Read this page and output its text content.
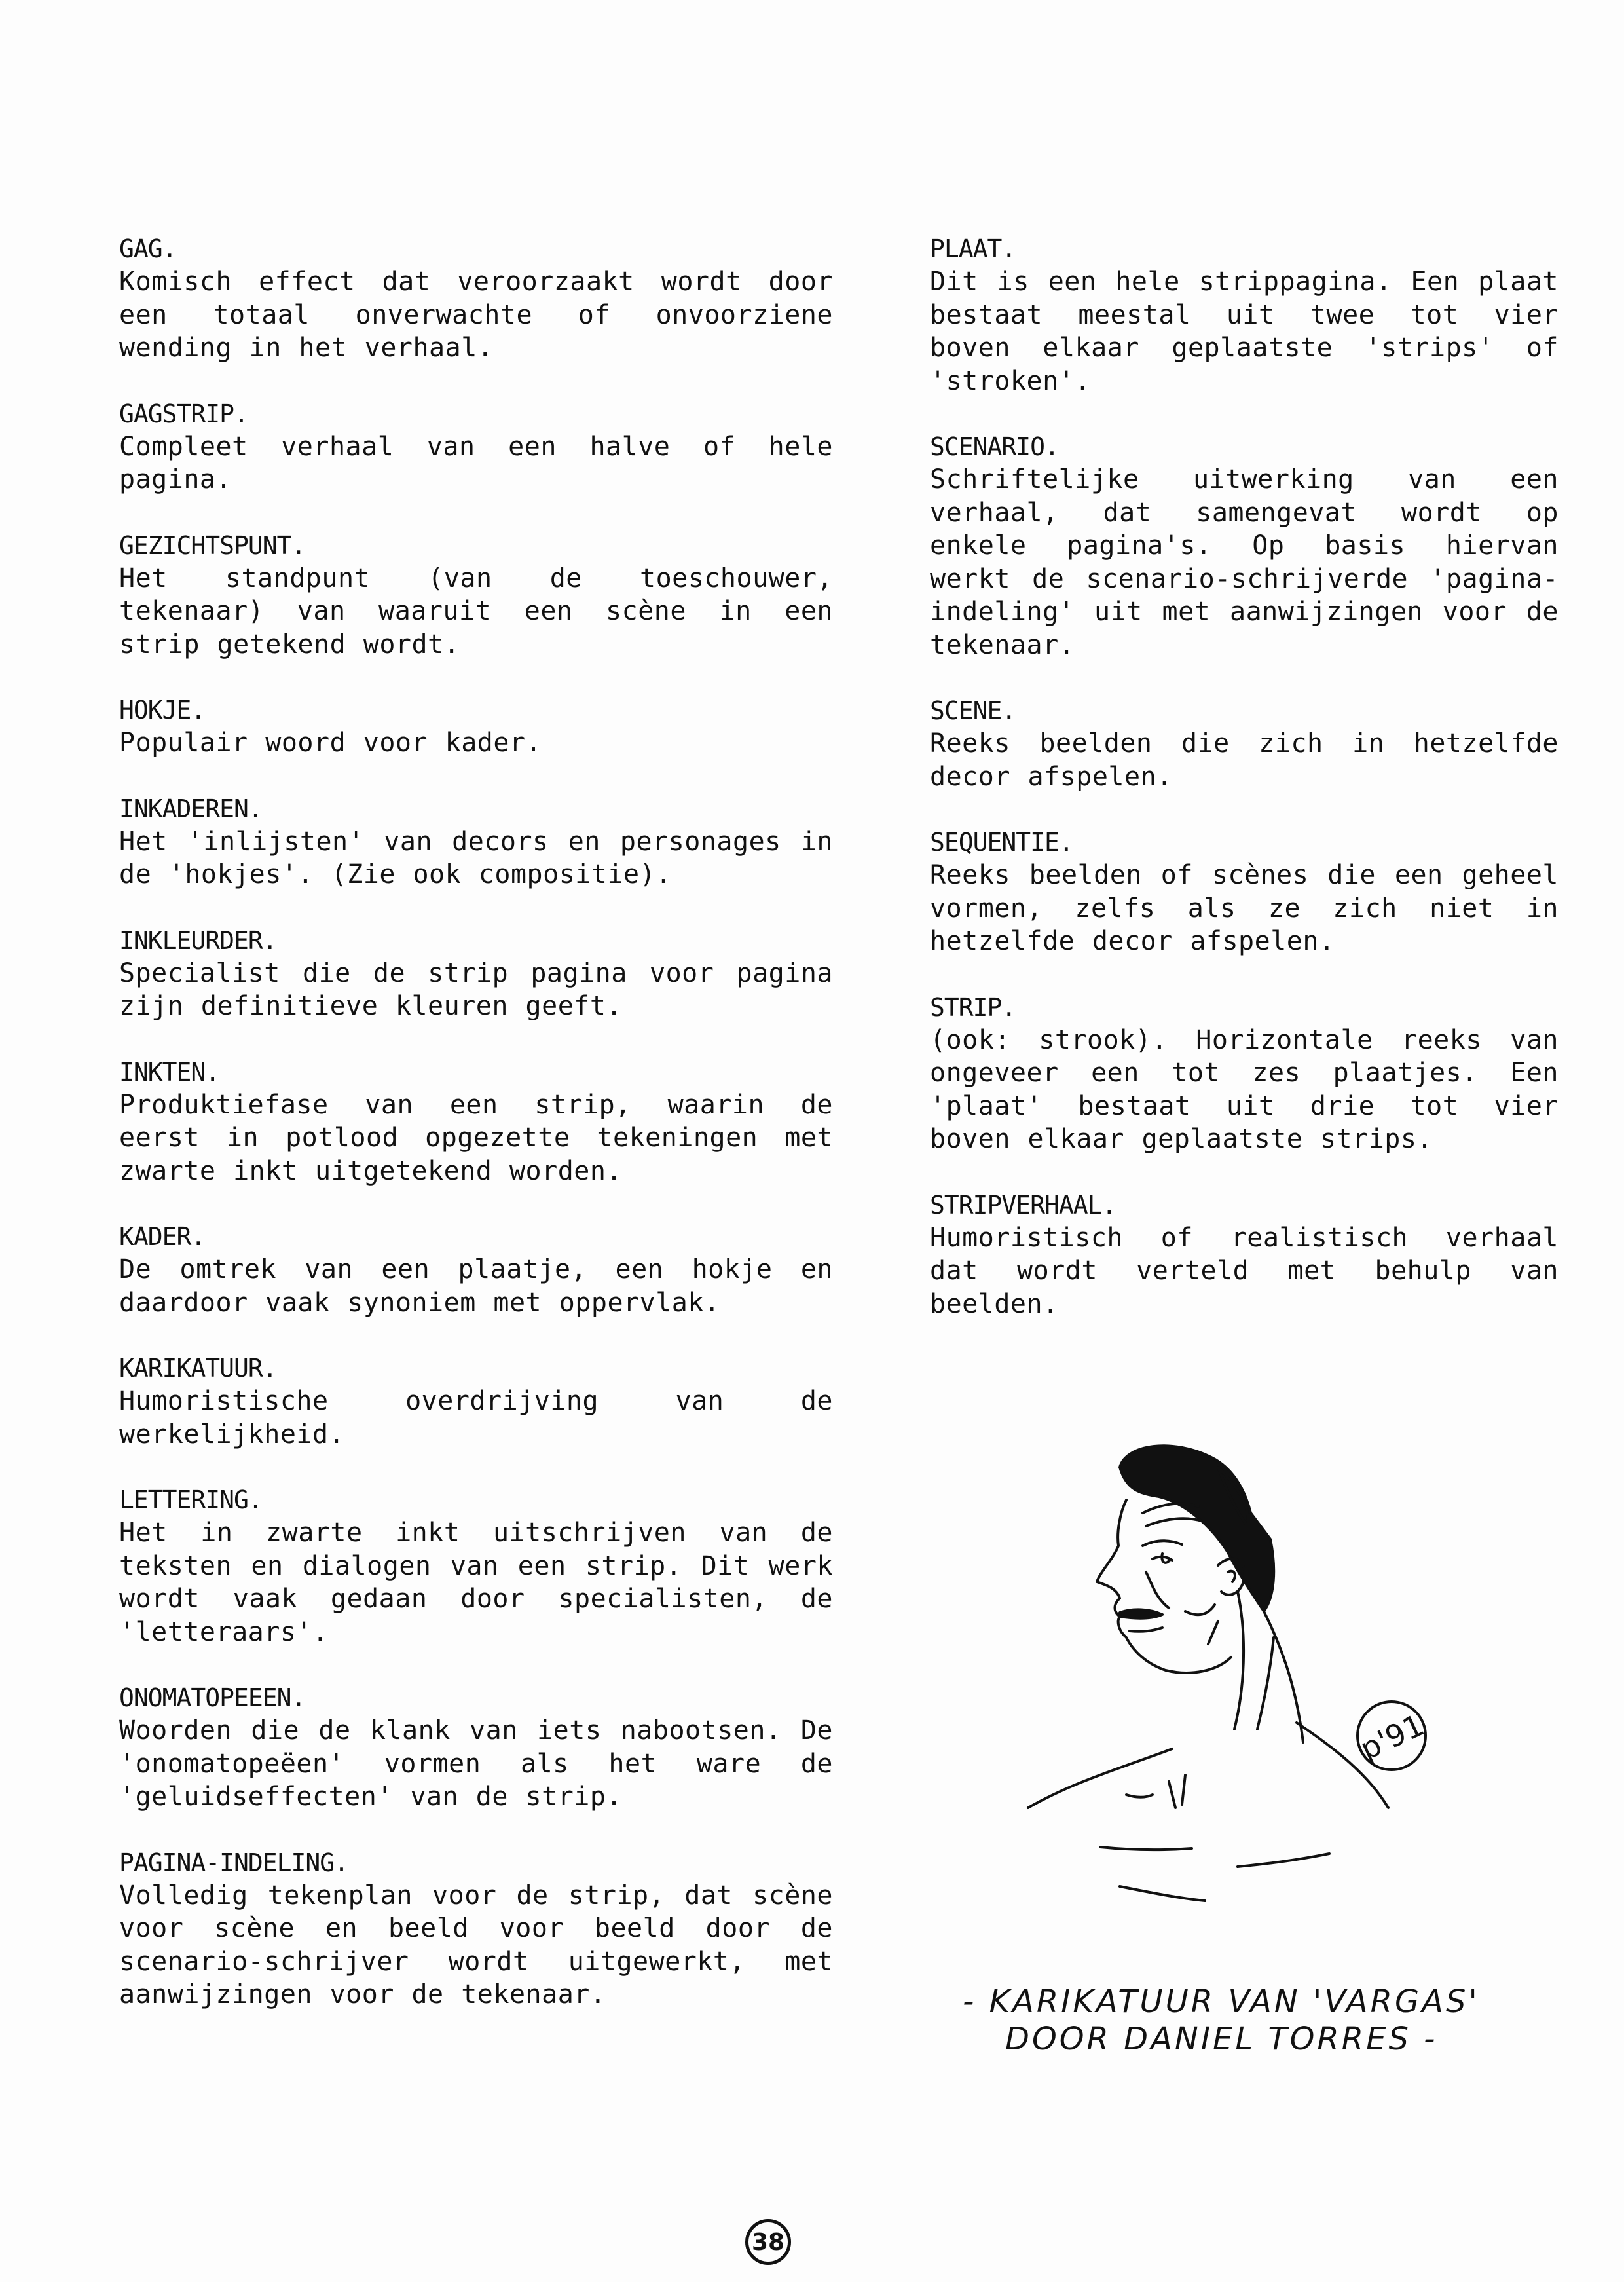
GAG.
Komisch effect dat veroorzaakt wordt door een totaal onverwachte of onvoorziene wending in het verhaal.
GAGSTRIP.
Compleet verhaal van een halve of hele pagina.
GEZICHTSPUNT.
Het standpunt (van de toeschouwer, tekenaar) van waaruit een scène in een strip getekend wordt.
HOKJE.
Populair woord voor kader.
INKADEREN.
Het 'inlijsten' van decors en personages in de 'hokjes'. (Zie ook compositie).
INKLEURDER.
Specialist die de strip pagina voor pagina zijn definitieve kleuren geeft.
INKTEN.
Produktiefase van een strip, waarin de eerst in potlood opgezette tekeningen met zwarte inkt uitgetekend worden.
KADER.
De omtrek van een plaatje, een hokje en daardoor vaak synoniem met oppervlak.
KARIKATUUR.
Humoristische overdrijving van de werkelijkheid.
LETTERING.
Het in zwarte inkt uitschrijven van de teksten en dialogen van een strip. Dit werk wordt vaak gedaan door specialisten, de 'letteraars'.
ONOMATOPEEEN.
Woorden die de klank van iets nabootsen. De 'onomatopeëen' vormen als het ware de 'geluidseffecten' van de strip.
PAGINA-INDELING.
Volledig tekenplan voor de strip, dat scène voor scène en beeld voor beeld door de scenario-schrijver wordt uitgewerkt, met aanwijzingen voor de tekenaar.
PLAAT.
Dit is een hele strippagina. Een plaat bestaat meestal uit twee tot vier boven elkaar geplaatste 'strips' of 'stroken'.
SCENARIO.
Schriftelijke uitwerking van een verhaal, dat samengevat wordt op enkele pagina's. Op basis hiervan werkt de scenario-schrijverde 'pagina-indeling' uit met aanwijzingen voor de tekenaar.
SCENE.
Reeks beelden die zich in hetzelfde decor afspelen.
SEQUENTIE.
Reeks beelden of scènes die een geheel vormen, zelfs als ze zich niet in hetzelfde decor afspelen.
STRIP.
(ook: strook). Horizontale reeks van ongeveer een tot zes plaatjes. Een 'plaat' bestaat uit drie tot vier boven elkaar geplaatste strips.
STRIPVERHAAL.
Humoristisch of realistisch verhaal dat wordt verteld met behulp van beelden.
p'91
- KARIKATUUR VAN 'VARGAS'
DOOR DANIEL TORRES -
38
